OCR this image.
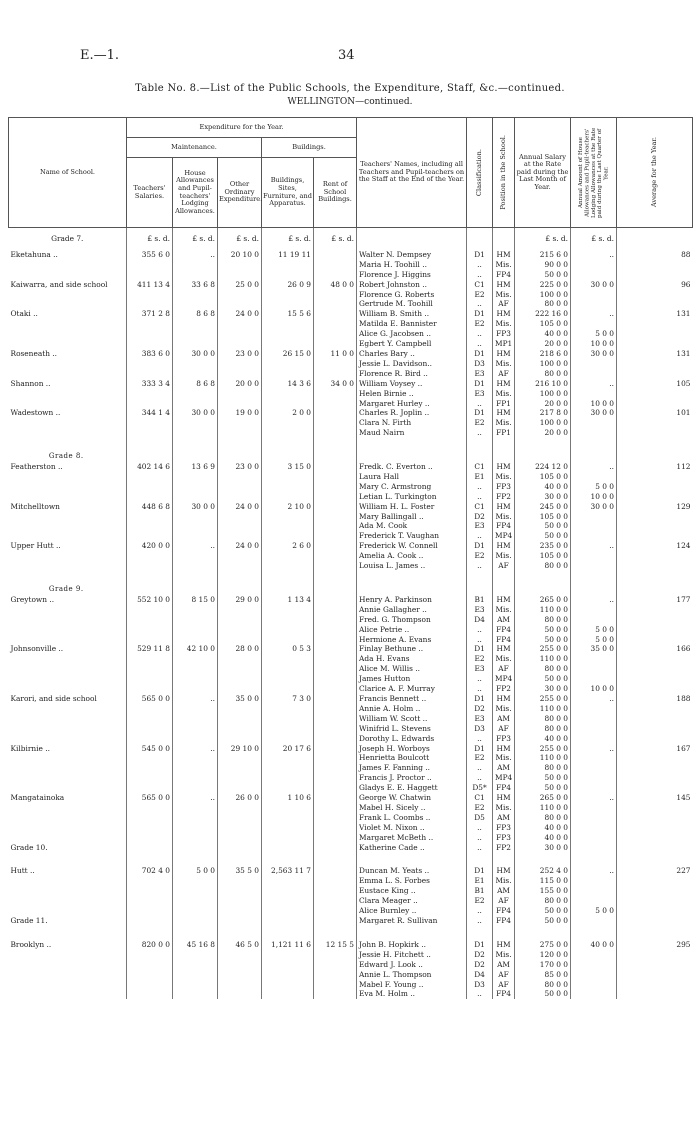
E.—1.	34
Table No. 8.—List of the Public Schools, the Expenditure, Staff, &c.—continued.
WELLINGTON—continued.
Name of School.	Expenditure for the Year.					Teachers' Names, including all Teachers and Pupil-teachers on the Staff at the End of the Year.	Classification.	Position in the School.	Annual Salary at the Rate paid during the Last Month of Year.	Annual Amount of House Allowances and Pupil-teachers' Lodging Allowances at the Rate paid during the Last Quarter of Year.	Average for the Year.

	Maintenance.			Buildings.							
	Teachers' Salaries.	House Allowances and Pupil-teachers' Lodging Allowances.	Other Ordinary Expenditure.	Buildings, Sites, Furniture, and Apparatus.	Rent of School Buildings.						
Grade 7.	£ s. d.	£ s. d.	£ s. d.	£ s. d.	£ s. d.				£ s. d.	£ s. d.	
Eketahuna ..	355 6 0	..	20 10 0	11 19 11		Walter N. Dempsey	D1	HM	215 6 0	..	88
						Maria H. Toohill ..	..	Mis.	90 0 0		
						Florence J. Higgins	..	FP4	50 0 0		
Kaiwarra, and side school	411 13 4	33 6 8	25 0 0	26 0 9	48 0 0	Robert Johnston ..	C1	HM	225 0 0	30 0 0	96
						Florence G. Roberts	E2	Mis.	100 0 0		
						Gertrude M. Toohill	..	AF	80 0 0		
Otaki ..	371 2 8	8 6 8	24 0 0	15 5 6		William B. Smith ..	D1	HM	222 16 0	..	131
						Matilda E. Bannister	E2	Mis.	105 0 0		
						Alice G. Jacobsen ..	..	FP3	40 0 0	5 0 0	
						Egbert Y. Campbell	..	MP1	20 0 0	10 0 0	
Roseneath ..	383 6 0	30 0 0	23 0 0	26 15 0	11 0 0	Charles Bary ..	D1	HM	218 6 0	30 0 0	131
						Jessie L. Davidson..	D3	Mis.	100 0 0		
						Florence R. Bird ..	E3	AF	80 0 0		
Shannon ..	333 3 4	8 6 8	20 0 0	14 3 6	34 0 0	William Voysey ..	D1	HM	216 10 0	..	105
						Helen Birnie ..	E3	Mis.	100 0 0		
						Margaret Hurley ..	..	FP1	20 0 0	10 0 0	
Wadestown ..	344 1 4	30 0 0	19 0 0	2 0 0		Charles R. Joplin ..	D1	HM	217 8 0	30 0 0	101
						Clara N. Firth	E2	Mis.	100 0 0		
						Maud Nairn	..	FP1	20 0 0		

Grade 8.											
Featherston ..	402 14 6	13 6 9	23 0 0	3 15 0		Fredk. C. Everton ..	C1	HM	224 12 0	..	112
						Laura Hall	E1	Mis.	105 0 0		
						Mary C. Armstrong	..	FP3	40 0 0	5 0 0	
						Letian L. Turkington	..	FP2	30 0 0	10 0 0	
Mitchelltown	448 6 8	30 0 0	24 0 0	2 10 0		William H. L. Foster	C1	HM	245 0 0	30 0 0	129
						Mary Ballingall ..	D2	Mis.	105 0 0		
						Ada M. Cook	E3	FP4	50 0 0		
						Frederick T. Vaughan	..	MP4	50 0 0		
Upper Hutt ..	420 0 0	..	24 0 0	2 6 0		Frederick W. Connell	D1	HM	235 0 0	..	124
						Amelia A. Cook ..	E2	Mis.	105 0 0		
						Louisa L. James ..	..	AF	80 0 0		

Grade 9.											
Greytown ..	552 10 0	8 15 0	29 0 0	1 13 4		Henry A. Parkinson	B1	HM	265 0 0	..	177
						Annie Gallagher ..	E3	Mis.	110 0 0		
						Fred. G. Thompson	D4	AM	80 0 0		
						Alice Petrie ..	..	FP4	50 0 0	5 0 0	
						Hermione A. Evans	..	FP4	50 0 0	5 0 0	
Johnsonville ..	529 11 8	42 10 0	28 0 0	0 5 3		Finlay Bethune ..	D1	HM	255 0 0	35 0 0	166
						Ada H. Evans	E2	Mis.	110 0 0		
						Alice M. Willis ..	E3	AF	80 0 0		
						James Hutton	..	MP4	50 0 0		
						Clarice A. F. Murray	..	FP2	30 0 0	10 0 0	
Karori, and side school	565 0 0	..	35 0 0	7 3 0		Francis Bennett ..	D1	HM	255 0 0	..	188
						Annie A. Holm ..	D2	Mis.	110 0 0		
						William W. Scott ..	E3	AM	80 0 0		
						Winifrid L. Stevens	D3	AF	80 0 0		
						Dorothy L. Edwards	..	FP3	40 0 0		
Kilbirnie ..	545 0 0	..	29 10 0	20 17 6		Joseph H. Worboys	D1	HM	255 0 0	..	167
						Henrietta Boulcott	E2	Mis.	110 0 0		
						James F. Fanning ..	..	AM	80 0 0		
						Francis J. Proctor ..	..	MP4	50 0 0		
						Gladys E. E. Haggett	D5*	FP4	50 0 0		
Mangatainoka	565 0 0	..	26 0 0	1 10 6		George W. Chatwin	C1	HM	265 0 0	..	145
						Mabel H. Sicely ..	E2	Mis.	110 0 0		
						Frank L. Coombs ..	D5	AM	80 0 0		
						Violet M. Nixon ..	..	FP3	40 0 0		
						Margaret McBeth ..	..	FP3	40 0 0		
Grade 10.						Katherine Cade ..	..	FP2	30 0 0		

Hutt ..	702 4 0	5 0 0	35 5 0	2,563 11 7		Duncan M. Yeats ..	D1	HM	252 4 0	..	227
						Emma L. S. Forbes	E1	Mis.	115 0 0		
						Eustace King ..	B1	AM	155 0 0		
						Clara Meager ..	E2	AF	80 0 0		
						Alice Burnley ..	..	FP4	50 0 0	5 0 0	
Grade 11.						Margaret R. Sullivan	..	FP4	50 0 0		

Brooklyn ..	820 0 0	45 16 8	46 5 0	1,121 11 6	12 15 5	John B. Hopkirk ..	D1	HM	275 0 0	40 0 0	295
						Jessie H. Fitchett ..	D2	Mis.	120 0 0		
						Edward J. Look ..	D2	AM	170 0 0		
						Annie L. Thompson	D4	AF	85 0 0		
						Mabel F. Young ..	D3	AF	80 0 0		
						Eva M. Holm ..	..	FP4	50 0 0		
